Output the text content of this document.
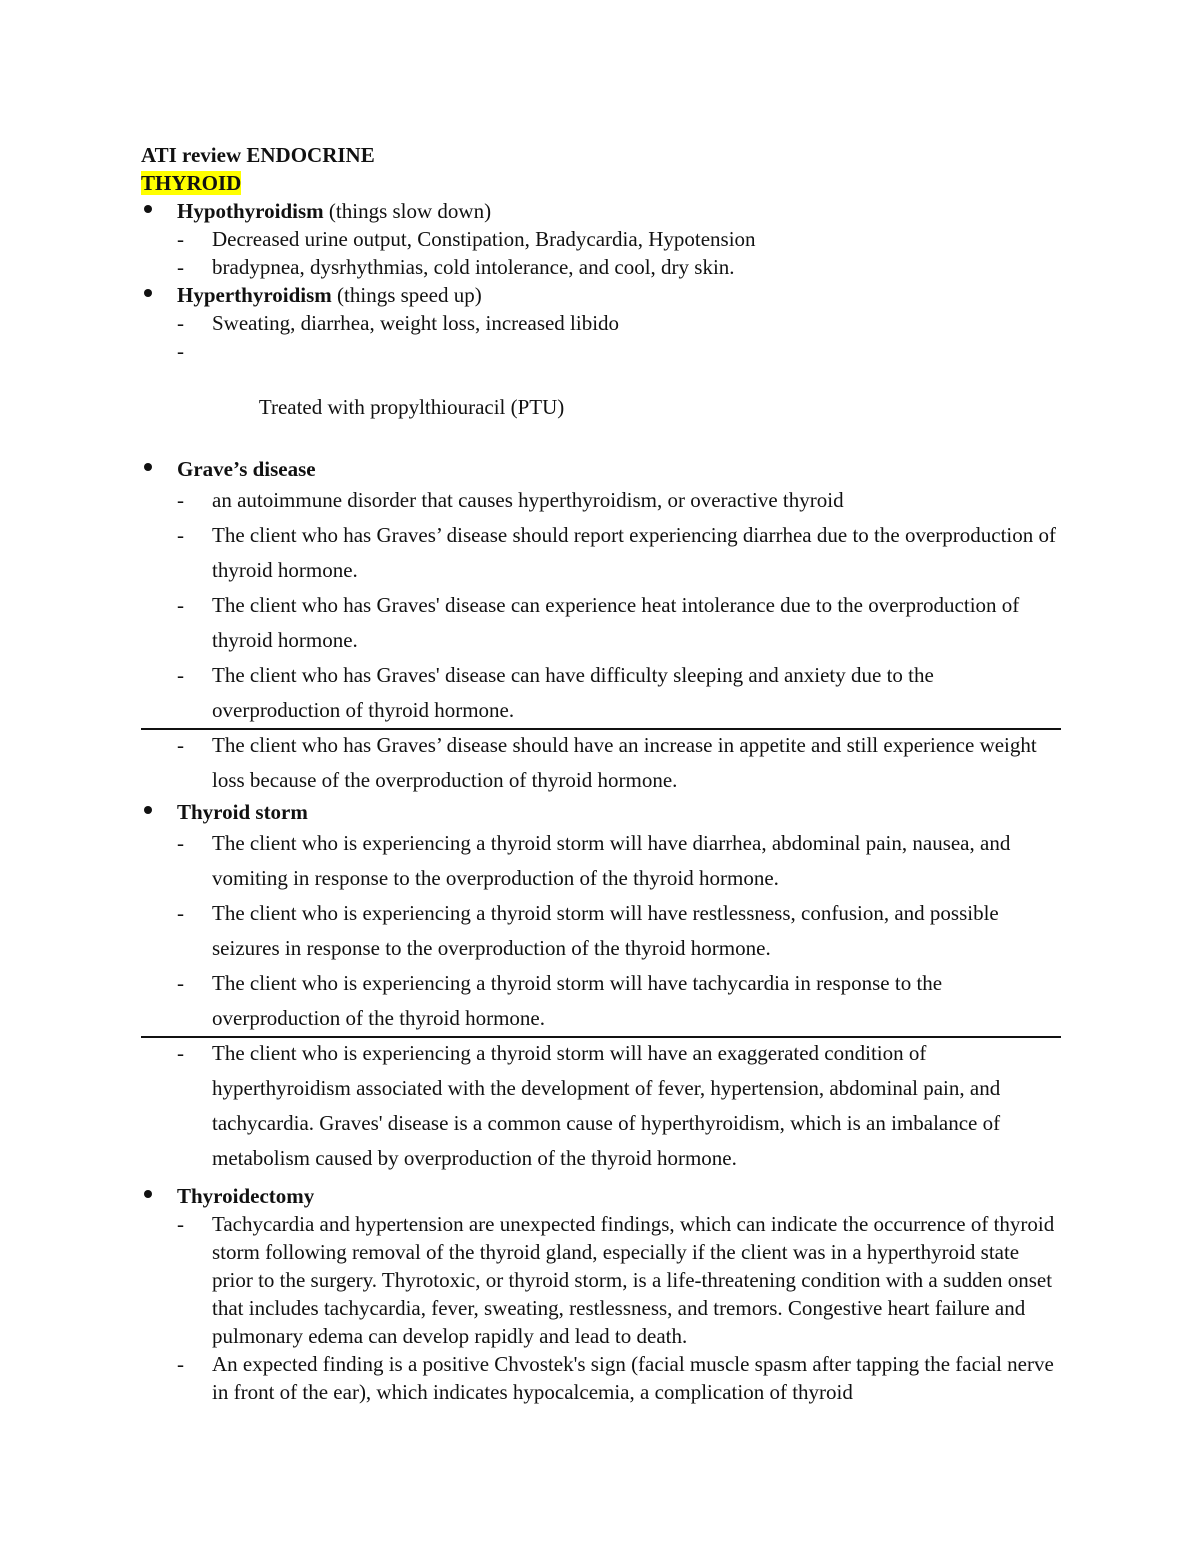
ATI review ENDOCRINE
THYROID
Hypothyroidism (things slow down)
-	Decreased urine output, Constipation, Bradycardia, Hypotension
-	bradypnea, dysrhythmias, cold intolerance, and cool, dry skin.
Hyperthyroidism (things speed up)
-	Sweating, diarrhea, weight loss, increased libido

-

Treated with propylthiouracil (PTU)

Grave’s disease
-	an autoimmune disorder that causes hyperthyroidism, or overactive thyroid
-	The client who has Graves’ disease should report experiencing diarrhea due to the overproduction of thyroid hormone.
-	The client who has Graves' disease can experience heat intolerance due to the overproduction of thyroid hormone.
-	The client who has Graves' disease can have difficulty sleeping and anxiety due to the overproduction of thyroid hormone.
-	The client who has Graves’ disease should have an increase in appetite and still experience weight loss because of the overproduction of thyroid hormone.
Thyroid storm
-	The client who is experiencing a thyroid storm will have diarrhea, abdominal pain, nausea, and vomiting in response to the overproduction of the thyroid hormone.
-	The client who is experiencing a thyroid storm will have restlessness, confusion, and possible seizures in response to the overproduction of the thyroid hormone.
-	The client who is experiencing a thyroid storm will have tachycardia in response to the overproduction of the thyroid hormone.
-	The client who is experiencing a thyroid storm will have an exaggerated condition of hyperthyroidism associated with the development of fever, hypertension, abdominal pain, and tachycardia. Graves' disease is a common cause of hyperthyroidism, which is an imbalance of metabolism caused by overproduction of the thyroid hormone.
Thyroidectomy
-	Tachycardia and hypertension are unexpected findings, which can indicate the occurrence of thyroid storm following removal of the thyroid gland, especially if the client was in a hyperthyroid state prior to the surgery. Thyrotoxic, or thyroid storm, is a life-threatening condition with a sudden onset that includes tachycardia, fever, sweating, restlessness, and tremors. Congestive heart failure and pulmonary edema can develop rapidly and lead to death.
-	An expected finding is a positive Chvostek's sign (facial muscle spasm after tapping the facial nerve in front of the ear), which indicates hypocalcemia, a complication of thyroid
